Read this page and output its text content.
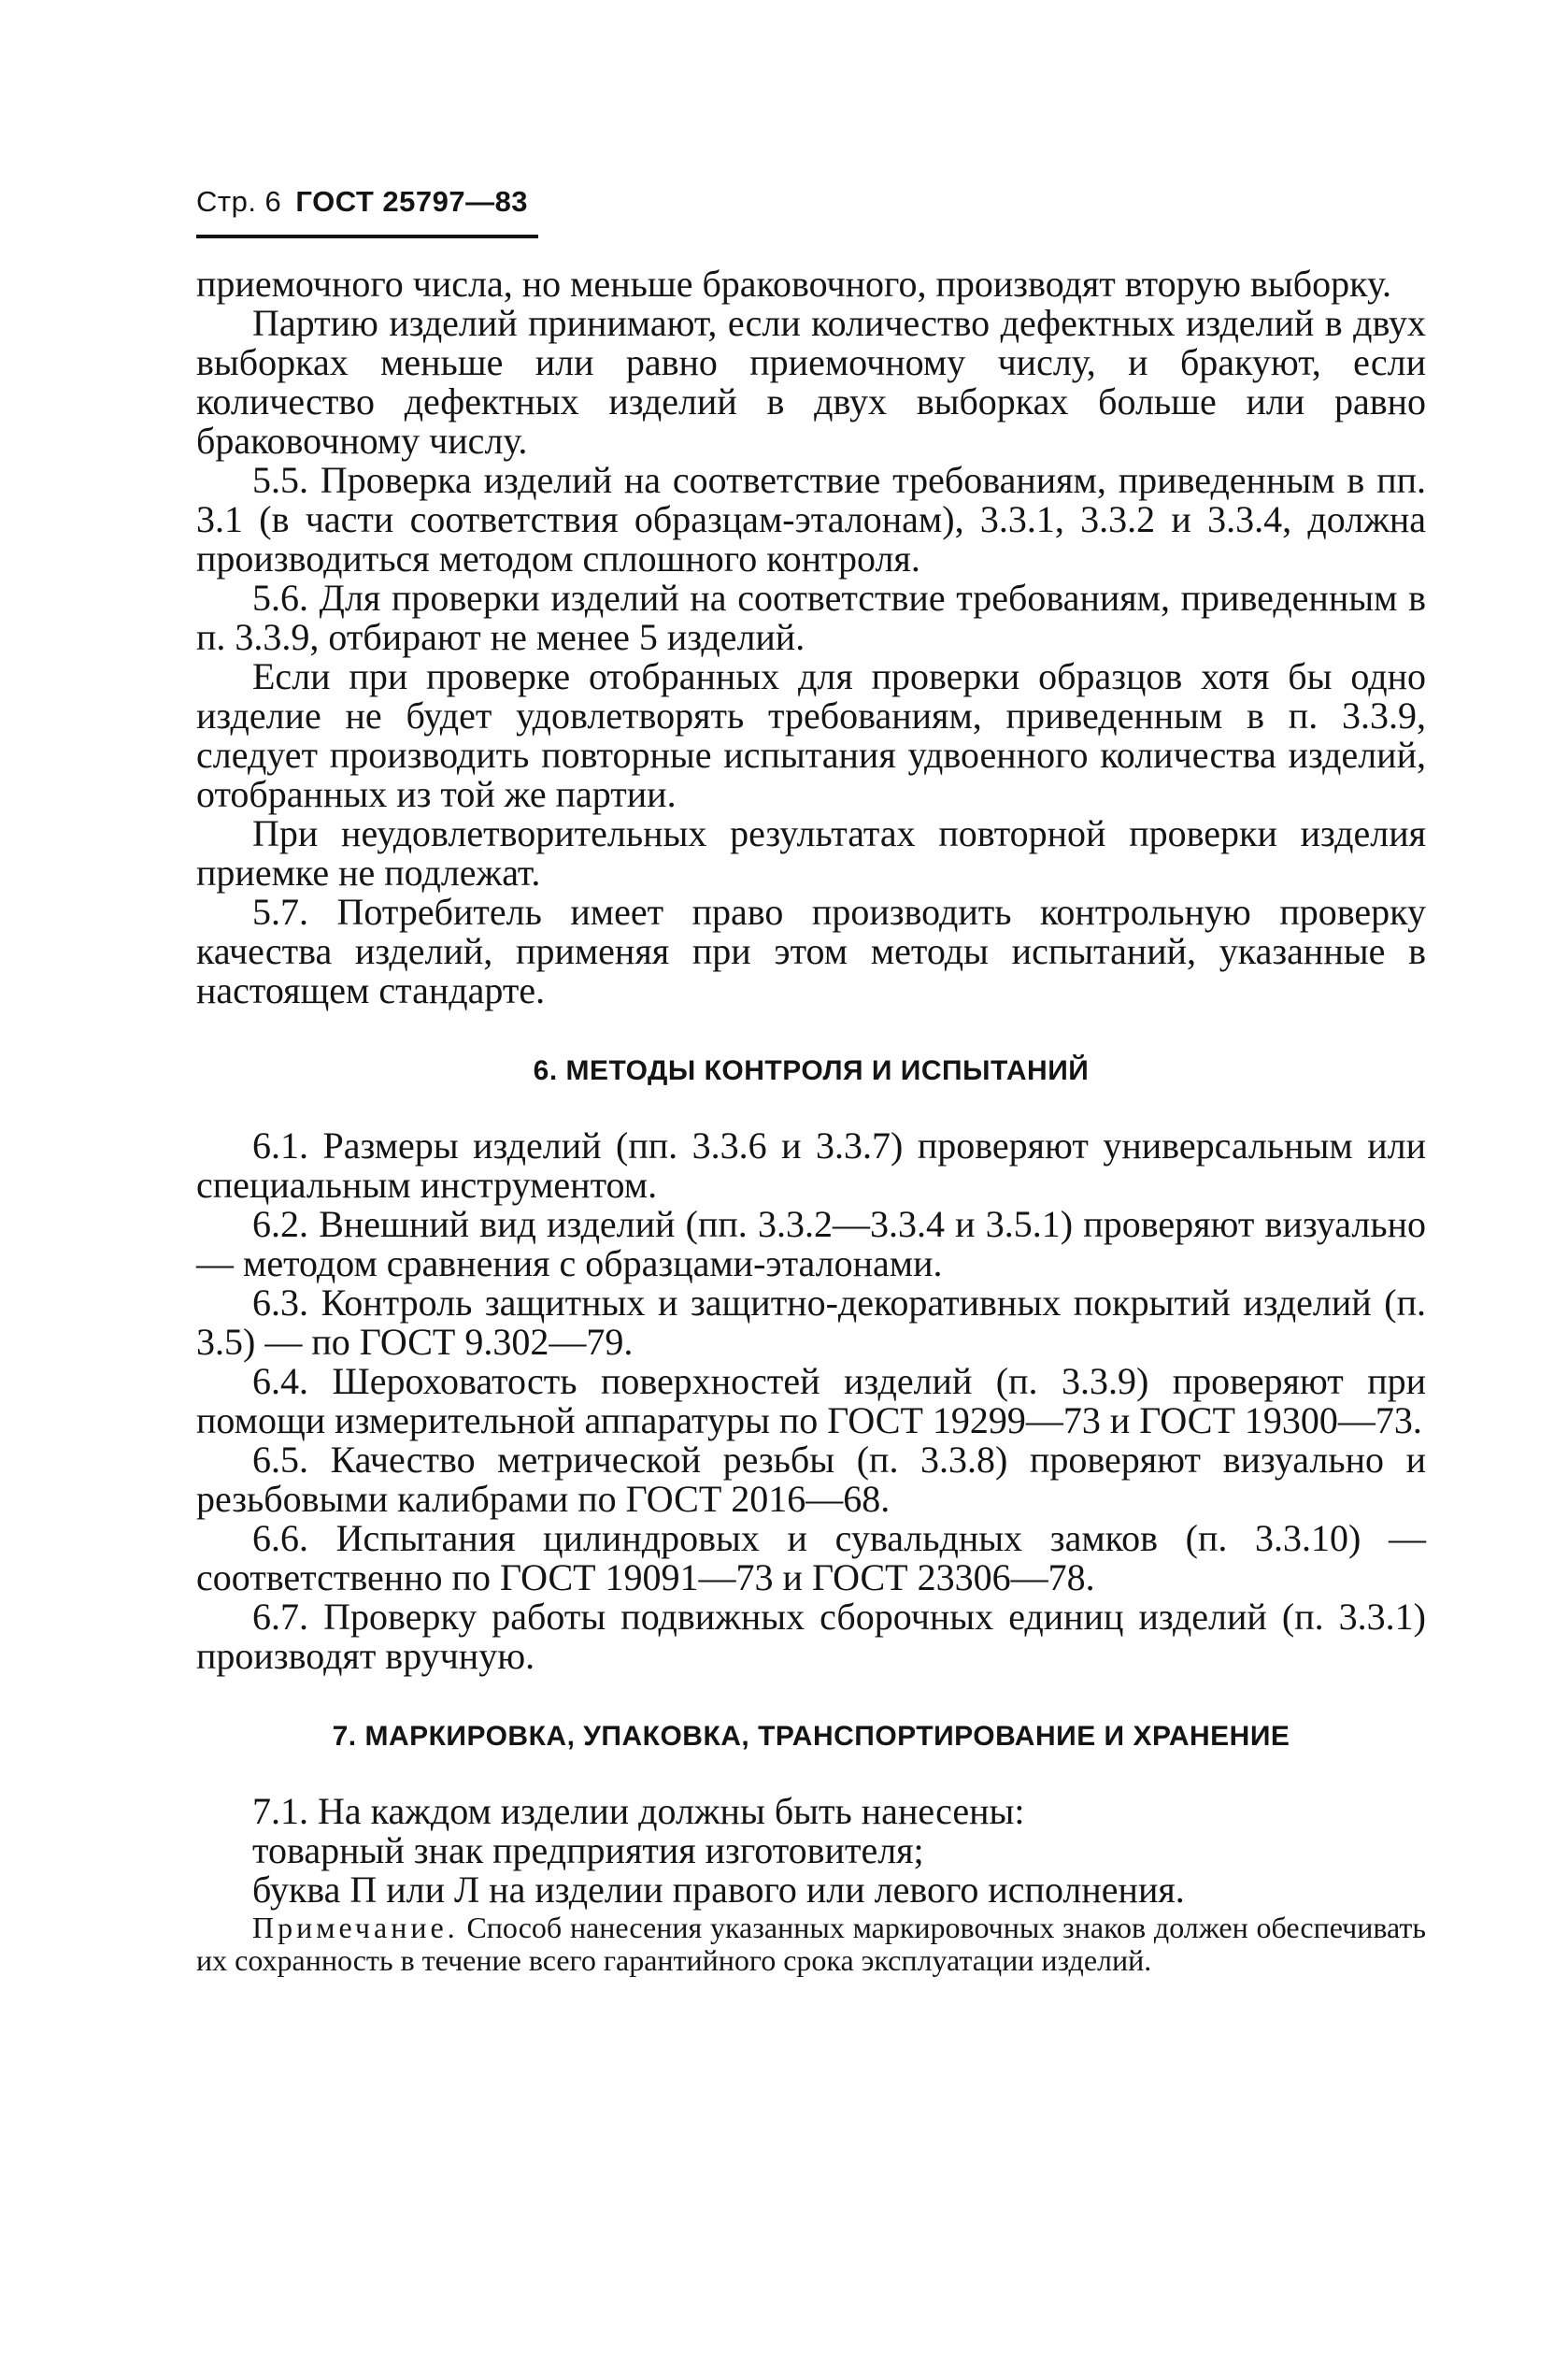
Стр. 6 ГОСТ 25797—83

приемочного числа, но меньше браковочного, производят вторую выборку.

Партию изделий принимают, если количество дефектных изделий в двух выборках меньше или равно приемочному числу, и бракуют, если количество дефектных изделий в двух выборках больше или равно браковочному числу.

5.5. Проверка изделий на соответствие требованиям, приведенным в пп. 3.1 (в части соответствия образцам-эталонам), 3.3.1, 3.3.2 и 3.3.4, должна производиться методом сплошного контроля.

5.6. Для проверки изделий на соответствие требованиям, приведенным в п. 3.3.9, отбирают не менее 5 изделий.

Если при проверке отобранных для проверки образцов хотя бы одно изделие не будет удовлетворять требованиям, приведенным в п. 3.3.9, следует производить повторные испытания удвоенного количества изделий, отобранных из той же партии.

При неудовлетворительных результатах повторной проверки изделия приемке не подлежат.

5.7. Потребитель имеет право производить контрольную проверку качества изделий, применяя при этом методы испытаний, указанные в настоящем стандарте.

6. МЕТОДЫ КОНТРОЛЯ И ИСПЫТАНИЙ

6.1. Размеры изделий (пп. 3.3.6 и 3.3.7) проверяют универсальным или специальным инструментом.

6.2. Внешний вид изделий (пп. 3.3.2—3.3.4 и 3.5.1) проверяют визуально — методом сравнения с образцами-эталонами.

6.3. Контроль защитных и защитно-декоративных покрытий изделий (п. 3.5) — по ГОСТ 9.302—79.

6.4. Шероховатость поверхностей изделий (п. 3.3.9) проверяют при помощи измерительной аппаратуры по ГОСТ 19299—73 и ГОСТ 19300—73.

6.5. Качество метрической резьбы (п. 3.3.8) проверяют визуально и резьбовыми калибрами по ГОСТ 2016—68.

6.6. Испытания цилиндровых и сувальдных замков (п. 3.3.10) — соответственно по ГОСТ 19091—73 и ГОСТ 23306—78.

6.7. Проверку работы подвижных сборочных единиц изделий (п. 3.3.1) производят вручную.

7. МАРКИРОВКА, УПАКОВКА, ТРАНСПОРТИРОВАНИЕ И ХРАНЕНИЕ

7.1. На каждом изделии должны быть нанесены:

товарный знак предприятия изготовителя;

буква П или Л на изделии правого или левого исполнения.

Примечание. Способ нанесения указанных маркировочных знаков должен обеспечивать их сохранность в течение всего гарантийного срока эксплуатации изделий.
